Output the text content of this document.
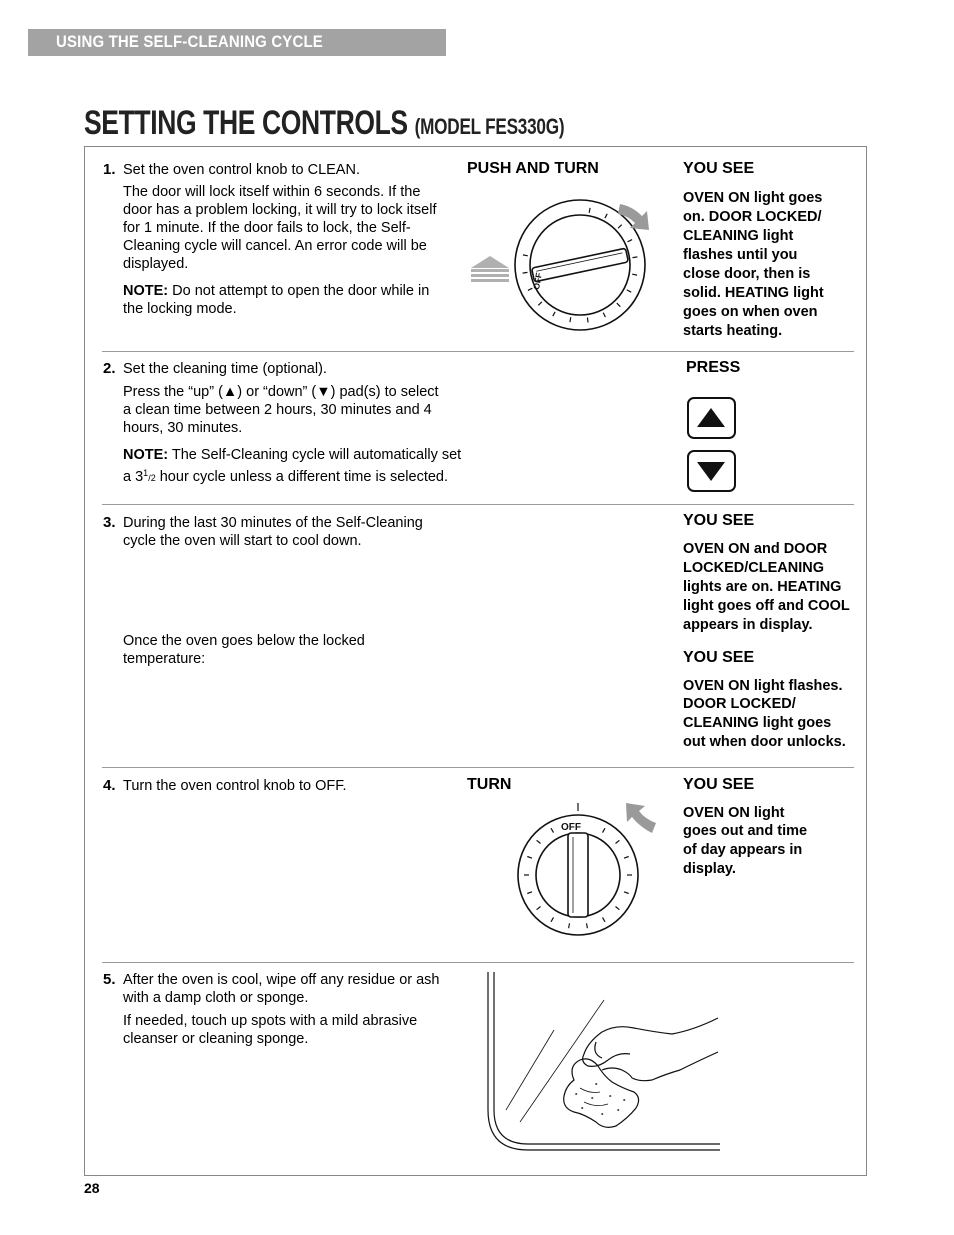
USING THE SELF-CLEANING CYCLE
SETTING THE CONTROLS (MODEL FES330G)
1. Set the oven control knob to CLEAN.

The door will lock itself within 6 seconds. If the

door has a problem locking, it will try to lock itself

for 1 minute. If the door fails to lock, the Self-

Cleaning cycle will cancel. An error code will be

displayed.

NOTE: Do not attempt to open the door while in

the locking mode.

PUSH AND TURN
OFF
YOU SEE

OVEN ON light goes

on. DOOR LOCKED/

CLEANING light

flashes until you

close door, then is

solid. HEATING light

goes on when oven

starts heating.

2. Set the cleaning time (optional).

Press the “up” (▲) or “down” (▼) pad(s) to select

a clean time between 2 hours, 30 minutes and 4

hours, 30 minutes.

NOTE: The Self-Cleaning cycle will automatically set

a $3^1/2$ hour cycle unless a different time is selected.

PRESS
3. During the last 30 minutes of the Self-Cleaning

cycle the oven will start to cool down.

YOU SEE

OVEN ON and DOOR

LOCKED/CLEANING

lights are on. HEATING

light goes off and COOL

appears in display.

Once the oven goes below the locked

temperature:	YOU SEE

OVEN ON light flashes.

DOOR LOCKED/

CLEANING light goes

out when door unlocks.

4. Turn the oven control knob to OFF.	TURN
OFF
YOU SEE

OVEN ON light

goes out and time

of day appears in

display.

5. After the oven is cool, wipe off any residue or ash

with a damp cloth or sponge.

If needed, touch up spots with a mild abrasive

cleanser or cleaning sponge.

28
